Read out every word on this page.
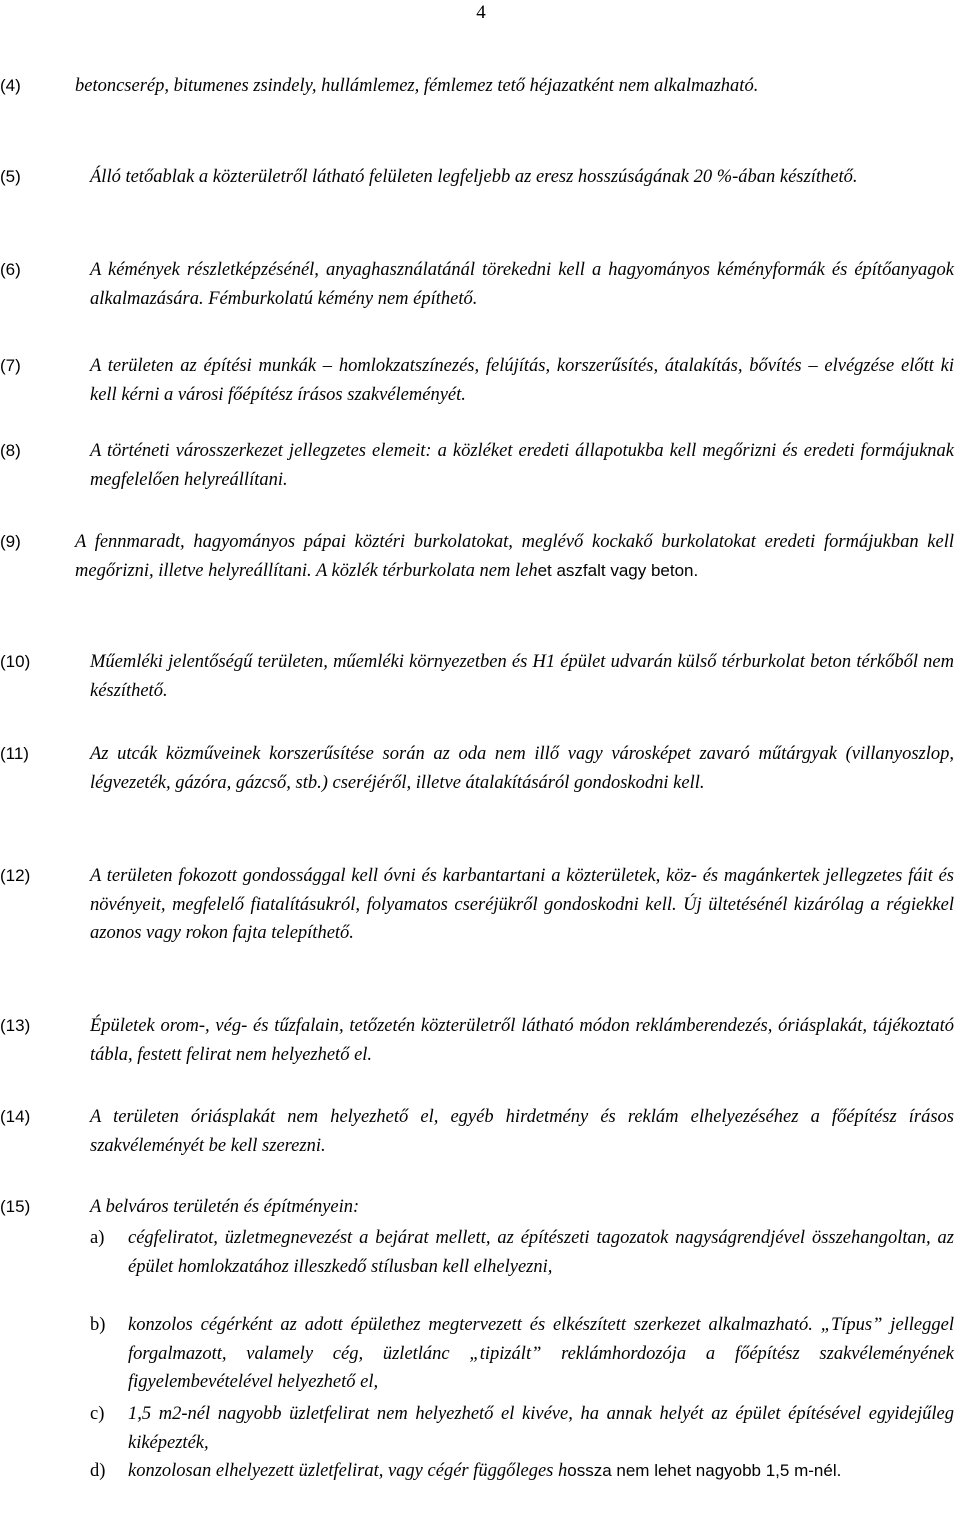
4
(4)	betoncserép, bitumenes zsindely, hullámlemez, fémlemez tető héjazatként nem alkalmazható.
(5)	Álló tetőablak a közterületről látható felületen legfeljebb az eresz hosszúságának 20 %-ában készíthető.
(6)	A kémények részletképzésénél, anyaghasználatánál törekedni kell a hagyományos kéményformák és építőanyagok alkalmazására. Fémburkolatú kémény nem építhető.
(7)	A területen az építési munkák – homlokzatszínezés, felújítás, korszerűsítés, átalakítás, bővítés – elvégzése előtt ki kell kérni a városi főépítész írásos szakvéleményét.
(8)	A történeti városszerkezet jellegzetes elemeit: a közléket eredeti állapotukba kell megőrizni és eredeti formájuknak megfelelően helyreállítani.
(9)	A fennmaradt, hagyományos pápai köztéri burkolatokat, meglévő kockakő burkolatokat eredeti formájukban kell megőrizni, illetve helyreállítani. A közlék térburkolata nem lehet aszfalt vagy beton.
(10)	Műemléki jelentőségű területen, műemléki környezetben és H1 épület udvarán külső térburkolat beton térkőből nem készíthető.
(11)	Az utcák közműveinek korszerűsítése során az oda nem illő vagy városképet zavaró műtárgyak (villanyoszlop, légvezeték, gázóra, gázcső, stb.) cseréjéről, illetve átalakításáról gondoskodni kell.
(12)	A területen fokozott gondossággal kell óvni és karbantartani a közterületek, köz- és magánkertek jellegzetes fáit és növényeit, megfelelő fiatalításukról, folyamatos cseréjükről gondoskodni kell. Új ültetésénél kizárólag a régiekkel azonos vagy rokon fajta telepíthető.
(13)	Épületek orom-, vég- és tűzfalain, tetőzetén közterületről látható módon reklámberendezés, óriásplakát, tájékoztató tábla, festett felirat nem helyezhető el.
(14)	A területen óriásplakát nem helyezhető el, egyéb hirdetmény és reklám elhelyezéséhez a főépítész írásos szakvéleményét be kell szerezni.
(15)	A belváros területén és építményein:
a) cégfeliratot, üzletmegnevezést a bejárat mellett, az építészeti tagozatok nagyságrendjével összehangoltan, az épület homlokzatához illeszkedő stílusban kell elhelyezni,
b) konzolos cégérként az adott épülethez megtervezett és elkészített szerkezet alkalmazható. „Típus” jelleggel forgalmazott, valamely cég, üzletlánc „tipizált” reklámhordozója a főépítész szakvéleményének figyelembevételével helyezhető el,
c) 1,5 m2-nél nagyobb üzletfelirat nem helyezhető el kivéve, ha annak helyét az épület építésével egyidejűleg kiképezték,
d) konzolosan elhelyezett üzletfelirat, vagy cégér függőleges hossza nem lehet nagyobb 1,5 m-nél.
